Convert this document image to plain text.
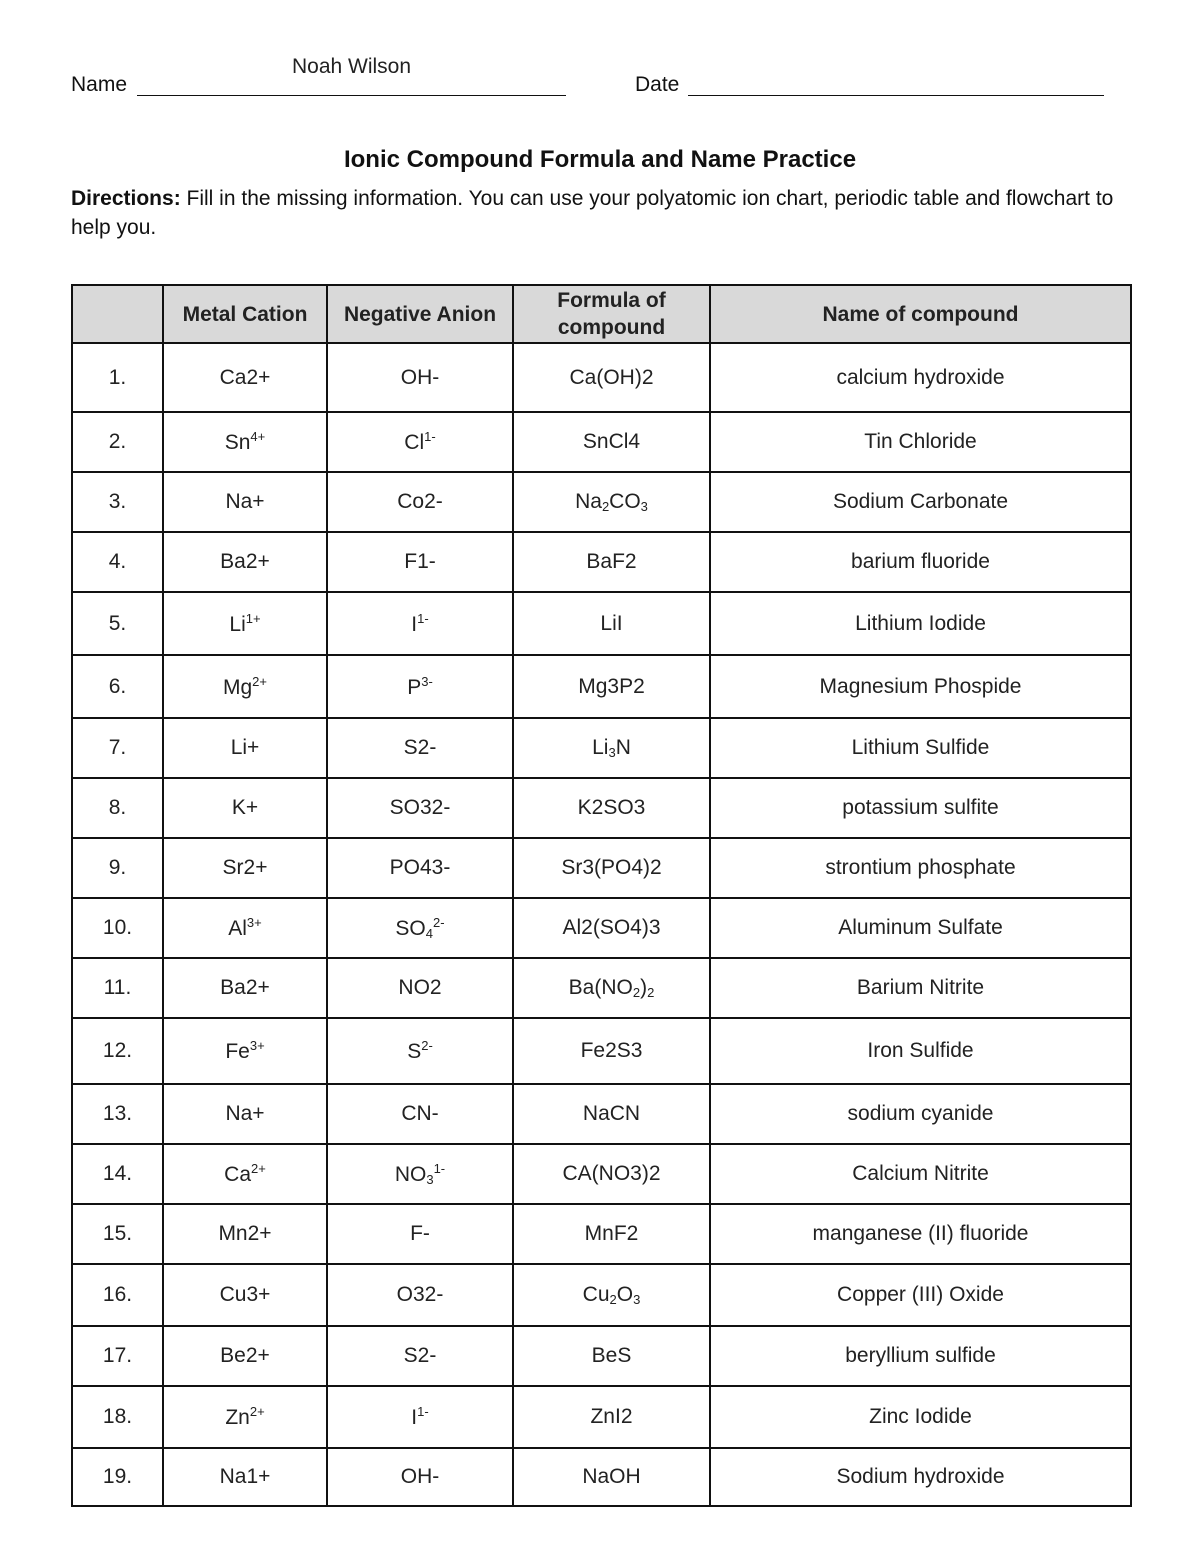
Name
Noah Wilson
Date
Ionic Compound Formula and Name Practice
Directions: Fill in the missing information. You can use your polyatomic ion chart, periodic table and flowchart to help you.
	Metal Cation	Negative Anion	Formula of compound	Name of compound
1.	Ca2+	OH-	Ca(OH)2	calcium hydroxide
2.	$Sn^{4+}$	$Cl^{1-}$	SnCl4	Tin Chloride
3.	Na+	Co2-	$Na_2CO_3$	Sodium Carbonate
4.	Ba2+	F1-	BaF2	barium fluoride
5.	$Li^{1+}$	$I^{1-}$	LiI	Lithium Iodide
6.	$Mg^{2+}$	$P^{3-}$	Mg3P2	Magnesium Phospide
7.	Li+	S2-	$Li_3N$	Lithium Sulfide
8.	K+	SO32-	K2SO3	potassium sulfite
9.	Sr2+	PO43-	Sr3(PO4)2	strontium phosphate
10.	$Al^{3+}$	$SO_4^{2-}$	Al2(SO4)3	Aluminum Sulfate
11.	Ba2+	NO2	$Ba(NO_2)_2$	Barium Nitrite
12.	$Fe^{3+}$	$S^{2-}$	Fe2S3	Iron Sulfide
13.	Na+	CN-	NaCN	sodium cyanide
14.	$Ca^{2+}$	$NO_3^{1-}$	CA(NO3)2	Calcium Nitrite
15.	Mn2+	F-	MnF2	manganese (II) fluoride
16.	Cu3+	O32-	$Cu_2O_3$	Copper (III) Oxide
17.	Be2+	S2-	BeS	beryllium sulfide
18.	$Zn^{2+}$	$I^{1-}$	ZnI2	Zinc Iodide
19.	Na1+	OH-	NaOH	Sodium hydroxide
